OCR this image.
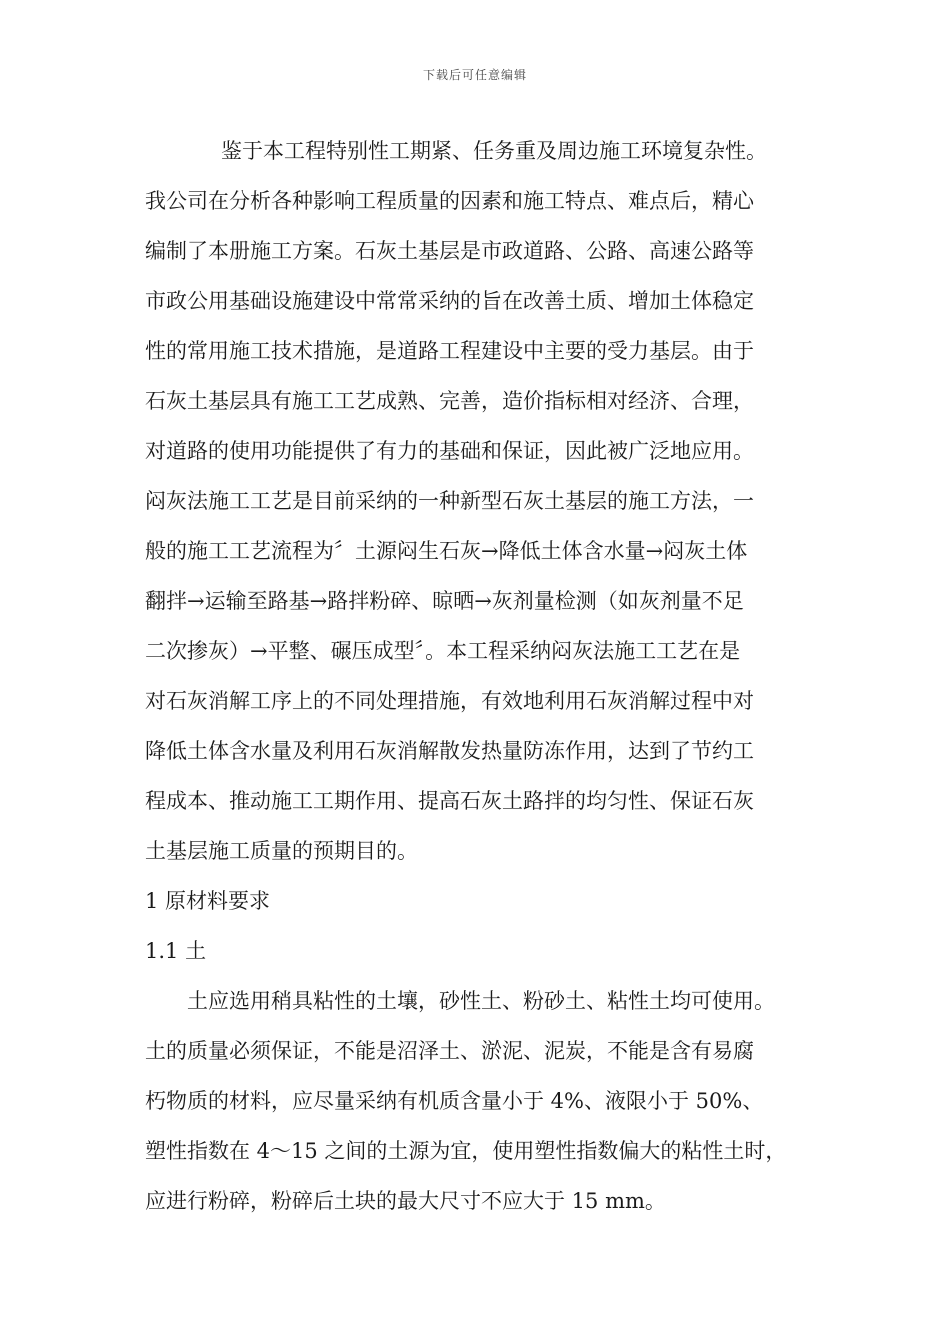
下载后可任意编辑
鉴于本工程特别性工期紧、任务重及周边施工环境复杂性。
我公司在分析各种影响工程质量的因素和施工特点、难点后，精心
编制了本册施工方案。石灰土基层是市政道路、公路、高速公路等
市政公用基础设施建设中常常采纳的旨在改善土质、增加土体稳定
性的常用施工技术措施，是道路工程建设中主要的受力基层。由于
石灰土基层具有施工工艺成熟、完善，造价指标相对经济、合理，
对道路的使用功能提供了有力的基础和保证，因此被广泛地应用。
闷灰法施工工艺是目前采纳的一种新型石灰土基层的施工方法，一
般的施工工艺流程为〞土源闷生石灰→降低土体含水量→闷灰土体
翻拌→运输至路基→路拌粉碎、晾晒→灰剂量检测（如灰剂量不足
二次掺灰）→平整、碾压成型〞。本工程采纳闷灰法施工工艺在是
对石灰消解工序上的不同处理措施，有效地利用石灰消解过程中对
降低土体含水量及利用石灰消解散发热量防冻作用，达到了节约工
程成本、推动施工工期作用、提高石灰土路拌的均匀性、保证石灰
土基层施工质量的预期目的。
1 原材料要求
1.1 土
土应选用稍具粘性的土壤，砂性土、粉砂土、粘性土均可使用。
土的质量必须保证，不能是沼泽土、淤泥、泥炭，不能是含有易腐
朽物质的材料，应尽量采纳有机质含量小于 4%、液限小于 50%、
塑性指数在 4～15 之间的土源为宜，使用塑性指数偏大的粘性土时，
应进行粉碎，粉碎后土块的最大尺寸不应大于 15 mm。
